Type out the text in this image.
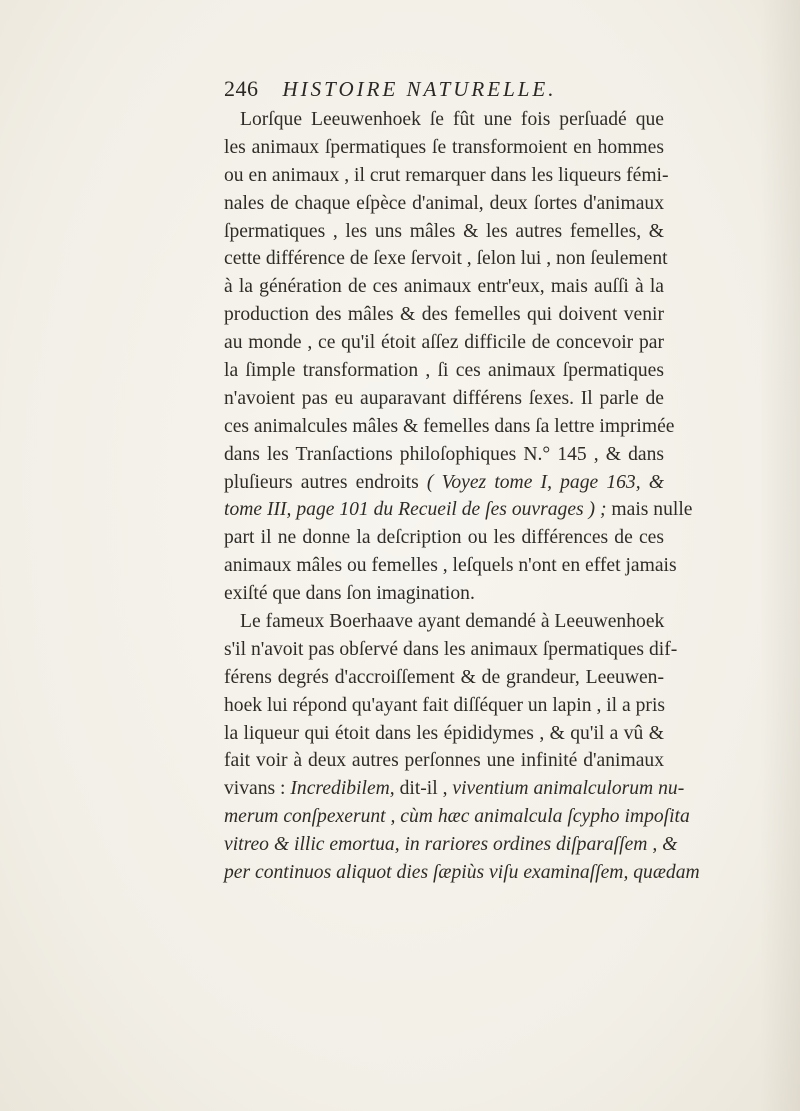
246 HISTOIRE NATURELLE.
Lorſque Leeuwenhoek ſe fût une fois perſuadé que
les animaux ſpermatiques ſe transformoient en hommes
ou en animaux , il crut remarquer dans les liqueurs fémi-
nales de chaque eſpèce d'animal, deux ſortes d'animaux
ſpermatiques , les uns mâles & les autres femelles, &
cette différence de ſexe ſervoit , ſelon lui , non ſeulement
à la génération de ces animaux entr'eux, mais auſſi à la
production des mâles & des femelles qui doivent venir
au monde , ce qu'il étoit aſſez difficile de concevoir par
la ſimple transformation , ſi ces animaux ſpermatiques
n'avoient pas eu auparavant différens ſexes. Il parle de
ces animalcules mâles & femelles dans ſa lettre imprimée
dans les Tranſactions philoſophiques N.° 145 , & dans
pluſieurs autres endroits ( Voyez tome I, page 163, &
tome III, page 101 du Recueil de ſes ouvrages ) ; mais nulle
part il ne donne la deſcription ou les différences de ces
animaux mâles ou femelles , leſquels n'ont en effet jamais
exiſté que dans ſon imagination.
Le fameux Boerhaave ayant demandé à Leeuwenhoek
s'il n'avoit pas obſervé dans les animaux ſpermatiques dif-
férens degrés d'accroiſſement & de grandeur, Leeuwen-
hoek lui répond qu'ayant fait diſſéquer un lapin , il a pris
la liqueur qui étoit dans les épididymes , & qu'il a vû &
fait voir à deux autres perſonnes une infinité d'animaux
vivans : Incredibilem, dit-il , viventium animalculorum nu-
merum conſpexerunt , cùm hæc animalcula ſcypho impoſita
vitreo & illic emortua, in rariores ordines diſparaſſem , &
per continuos aliquot dies ſæpiùs viſu examinaſſem, quædam
